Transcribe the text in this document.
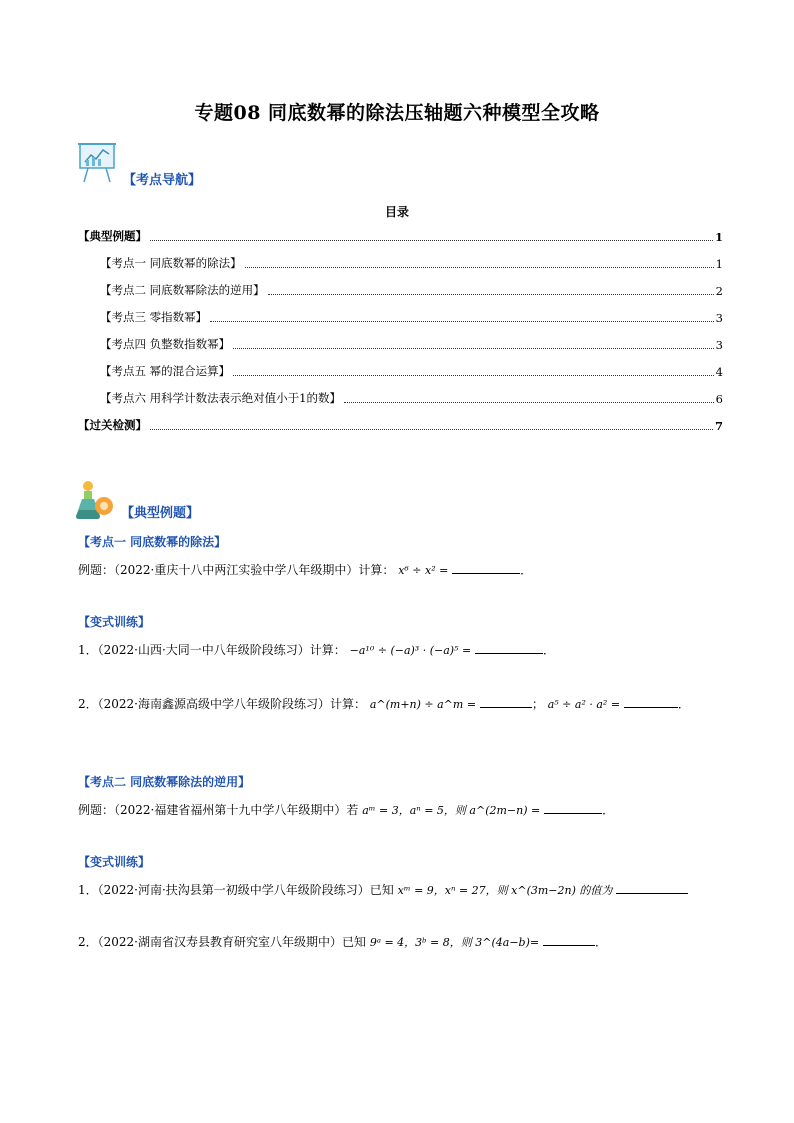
专题08 同底数幂的除法压轴题六种模型全攻略
【考点导航】
目录
【典型例题】	1
【考点一 同底数幂的除法】	1
【考点二 同底数幂除法的逆用】	2
【考点三 零指数幂】	3
【考点四 负整数指数幂】	3
【考点五 幂的混合运算】	4
【考点六 用科学计数法表示绝对值小于1的数】	6
【过关检测】	7
【典型例题】
【考点一 同底数幂的除法】
例题：（2022·重庆十八中两江实验中学八年级期中）计算： x⁶ ÷ x² =	．
【变式训练】
1．（2022·山西·大同一中八年级阶段练习）计算： −a¹⁰ ÷ (−a)³ · (−a)⁵ =	．
2．（2022·海南鑫源高级中学八年级阶段练习）计算： a^(m+n) ÷ a^m =	； a⁵ ÷ a² · a² =	．
【考点二 同底数幂除法的逆用】
例题：（2022·福建省福州第十九中学八年级期中）若 aᵐ = 3，aⁿ = 5，则 a^(2m−n) =	．
【变式训练】
1．（2022·河南·扶沟县第一初级中学八年级阶段练习）已知 xᵐ = 9，xⁿ = 27，则 x^(3m−2n) 的值为
2．（2022·湖南省汉寿县教育研究室八年级期中）已知 9ᵃ = 4，3ᵇ = 8，则 3^(4a−b)=	．
